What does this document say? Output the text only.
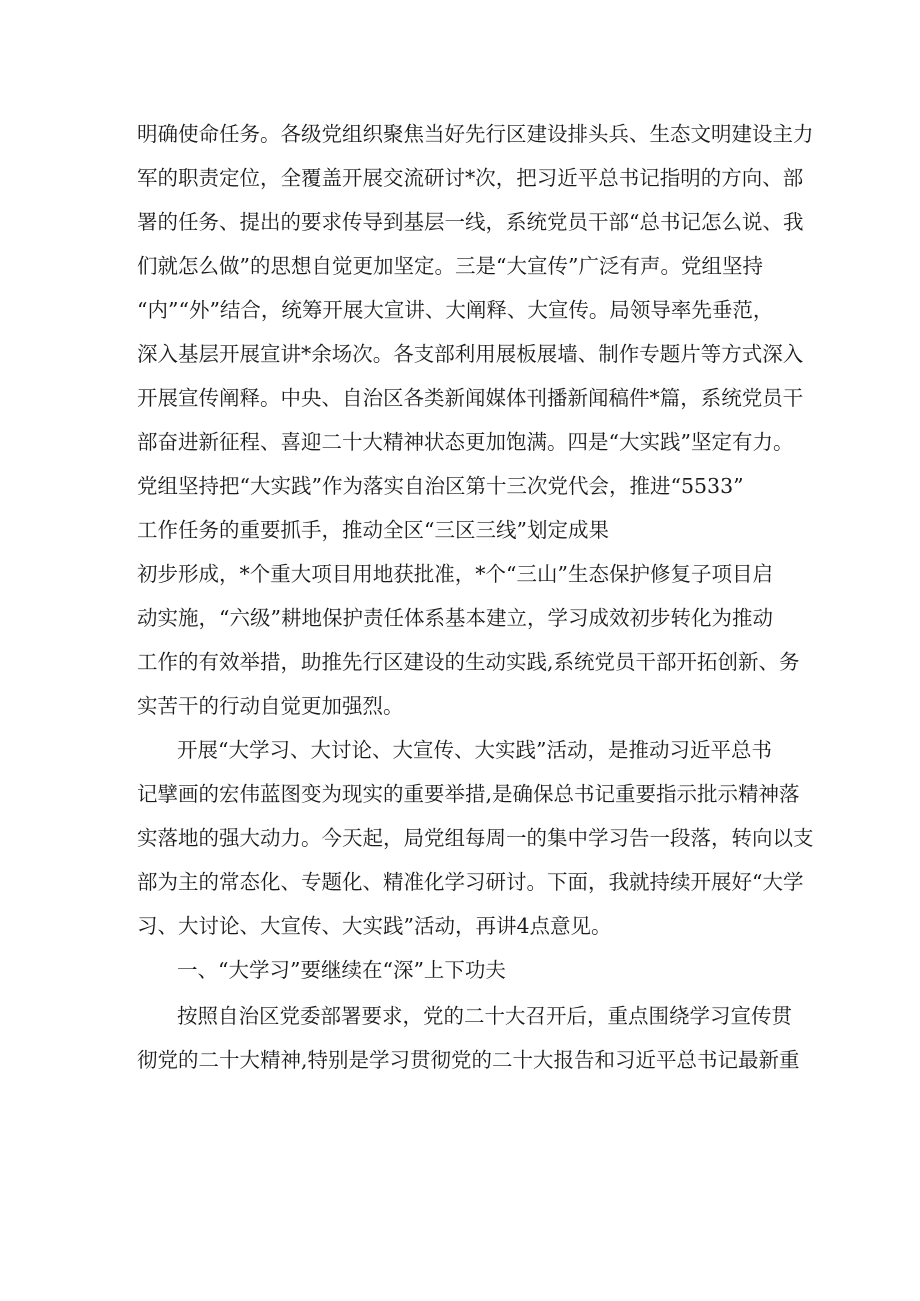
明确使命任务。各级党组织聚焦当好先行区建设排头兵、生态文明建设主力
军的职责定位，全覆盖开展交流研讨*次，把习近平总书记指明的方向、部
署的任务、提出的要求传导到基层一线，系统党员干部“总书记怎么说、我
们就怎么做”的思想自觉更加坚定。三是“大宣传”广泛有声。党组坚持
“内”“外”结合，统筹开展大宣讲、大阐释、大宣传。局领导率先垂范，
深入基层开展宣讲*余场次。各支部利用展板展墙、制作专题片等方式深入
开展宣传阐释。中央、自治区各类新闻媒体刊播新闻稿件*篇，系统党员干
部奋进新征程、喜迎二十大精神状态更加饱满。四是“大实践”坚定有力。
党组坚持把“大实践”作为落实自治区第十三次党代会，推进“5533”
工作任务的重要抓手，推动全区“三区三线”划定成果
初步形成，*个重大项目用地获批准，*个“三山”生态保护修复子项目启
动实施，“六级”耕地保护责任体系基本建立，学习成效初步转化为推动
工作的有效举措，助推先行区建设的生动实践,系统党员干部开拓创新、务
实苦干的行动自觉更加强烈。
开展“大学习、大讨论、大宣传、大实践”活动，是推动习近平总书
记擘画的宏伟蓝图变为现实的重要举措,是确保总书记重要指示批示精神落
实落地的强大动力。今天起，局党组每周一的集中学习告一段落，转向以支
部为主的常态化、专题化、精准化学习研讨。下面，我就持续开展好“大学
习、大讨论、大宣传、大实践”活动，再讲4点意见。
一、“大学习”要继续在“深”上下功夫
按照自治区党委部署要求，党的二十大召开后，重点围绕学习宣传贯
彻党的二十大精神,特别是学习贯彻党的二十大报告和习近平总书记最新重
